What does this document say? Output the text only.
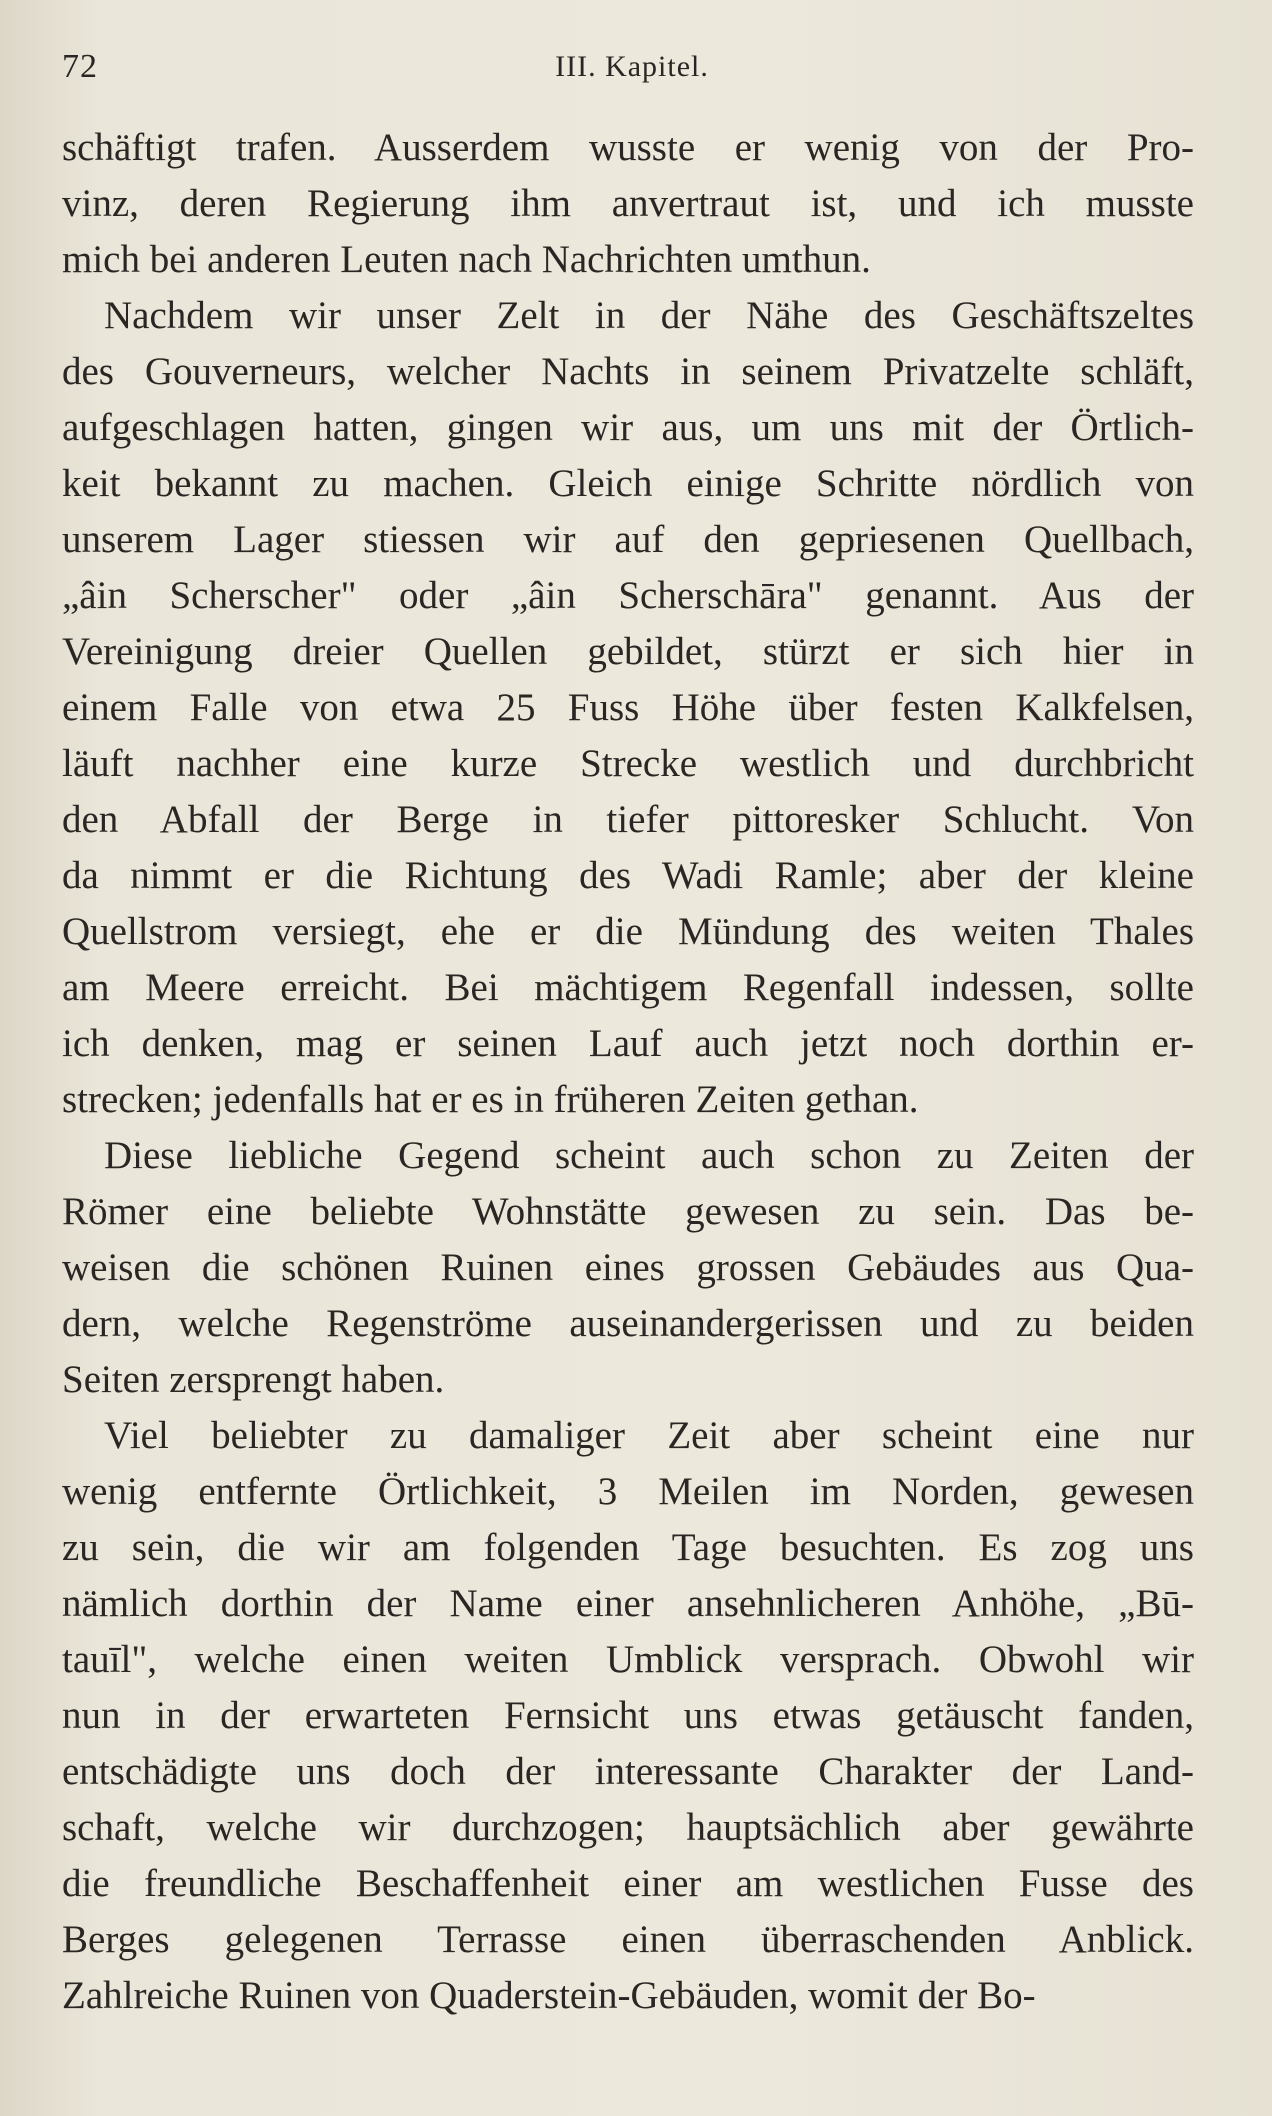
72	III. Kapitel.
schäftigt trafen. Ausserdem wusste er wenig von der Pro-
vinz, deren Regierung ihm anvertraut ist, und ich musste
mich bei anderen Leuten nach Nachrichten umthun.
Nachdem wir unser Zelt in der Nähe des Geschäftszeltes
des Gouverneurs, welcher Nachts in seinem Privatzelte schläft,
aufgeschlagen hatten, gingen wir aus, um uns mit der Örtlich-
keit bekannt zu machen. Gleich einige Schritte nördlich von
unserem Lager stiessen wir auf den gepriesenen Quellbach,
„âin Scherscher" oder „âin Scherschāra" genannt. Aus der
Vereinigung dreier Quellen gebildet, stürzt er sich hier in
einem Falle von etwa 25 Fuss Höhe über festen Kalkfelsen,
läuft nachher eine kurze Strecke westlich und durchbricht
den Abfall der Berge in tiefer pittoresker Schlucht. Von
da nimmt er die Richtung des Wadi Ramle; aber der kleine
Quellstrom versiegt, ehe er die Mündung des weiten Thales
am Meere erreicht. Bei mächtigem Regenfall indessen, sollte
ich denken, mag er seinen Lauf auch jetzt noch dorthin er-
strecken; jedenfalls hat er es in früheren Zeiten gethan.
Diese liebliche Gegend scheint auch schon zu Zeiten der
Römer eine beliebte Wohnstätte gewesen zu sein. Das be-
weisen die schönen Ruinen eines grossen Gebäudes aus Qua-
dern, welche Regenströme auseinandergerissen und zu beiden
Seiten zersprengt haben.
Viel beliebter zu damaliger Zeit aber scheint eine nur
wenig entfernte Örtlichkeit, 3 Meilen im Norden, gewesen
zu sein, die wir am folgenden Tage besuchten. Es zog uns
nämlich dorthin der Name einer ansehnlicheren Anhöhe, „Bū-
tauīl", welche einen weiten Umblick versprach. Obwohl wir
nun in der erwarteten Fernsicht uns etwas getäuscht fanden,
entschädigte uns doch der interessante Charakter der Land-
schaft, welche wir durchzogen; hauptsächlich aber gewährte
die freundliche Beschaffenheit einer am westlichen Fusse des
Berges gelegenen Terrasse einen überraschenden Anblick.
Zahlreiche Ruinen von Quaderstein-Gebäuden, womit der Bo-
